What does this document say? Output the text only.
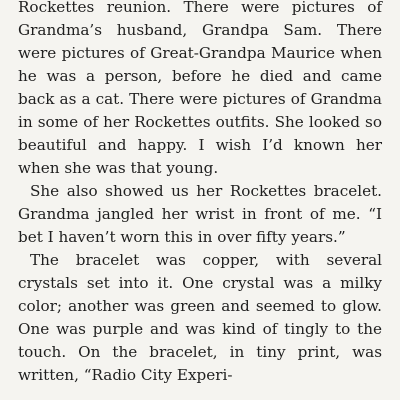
Rockettes reunion. There were pictures of Grandma’s husband, Grandpa Sam. There were pictures of Great-Grandpa Maurice when he was a person, before he died and came back as a cat. There were pictures of Grandma in some of her Rockettes outfits. She looked so beautiful and happy. I wish I’d known her when she was that young.

She also showed us her Rockettes bracelet. Grandma jangled her wrist in front of me. “I bet I haven’t worn this in over fifty years.”

The bracelet was copper, with several crystals set into it. One crystal was a milky color; another was green and seemed to glow. One was purple and was kind of tingly to the touch. On the bracelet, in tiny print, was written, “Radio City Experi-
